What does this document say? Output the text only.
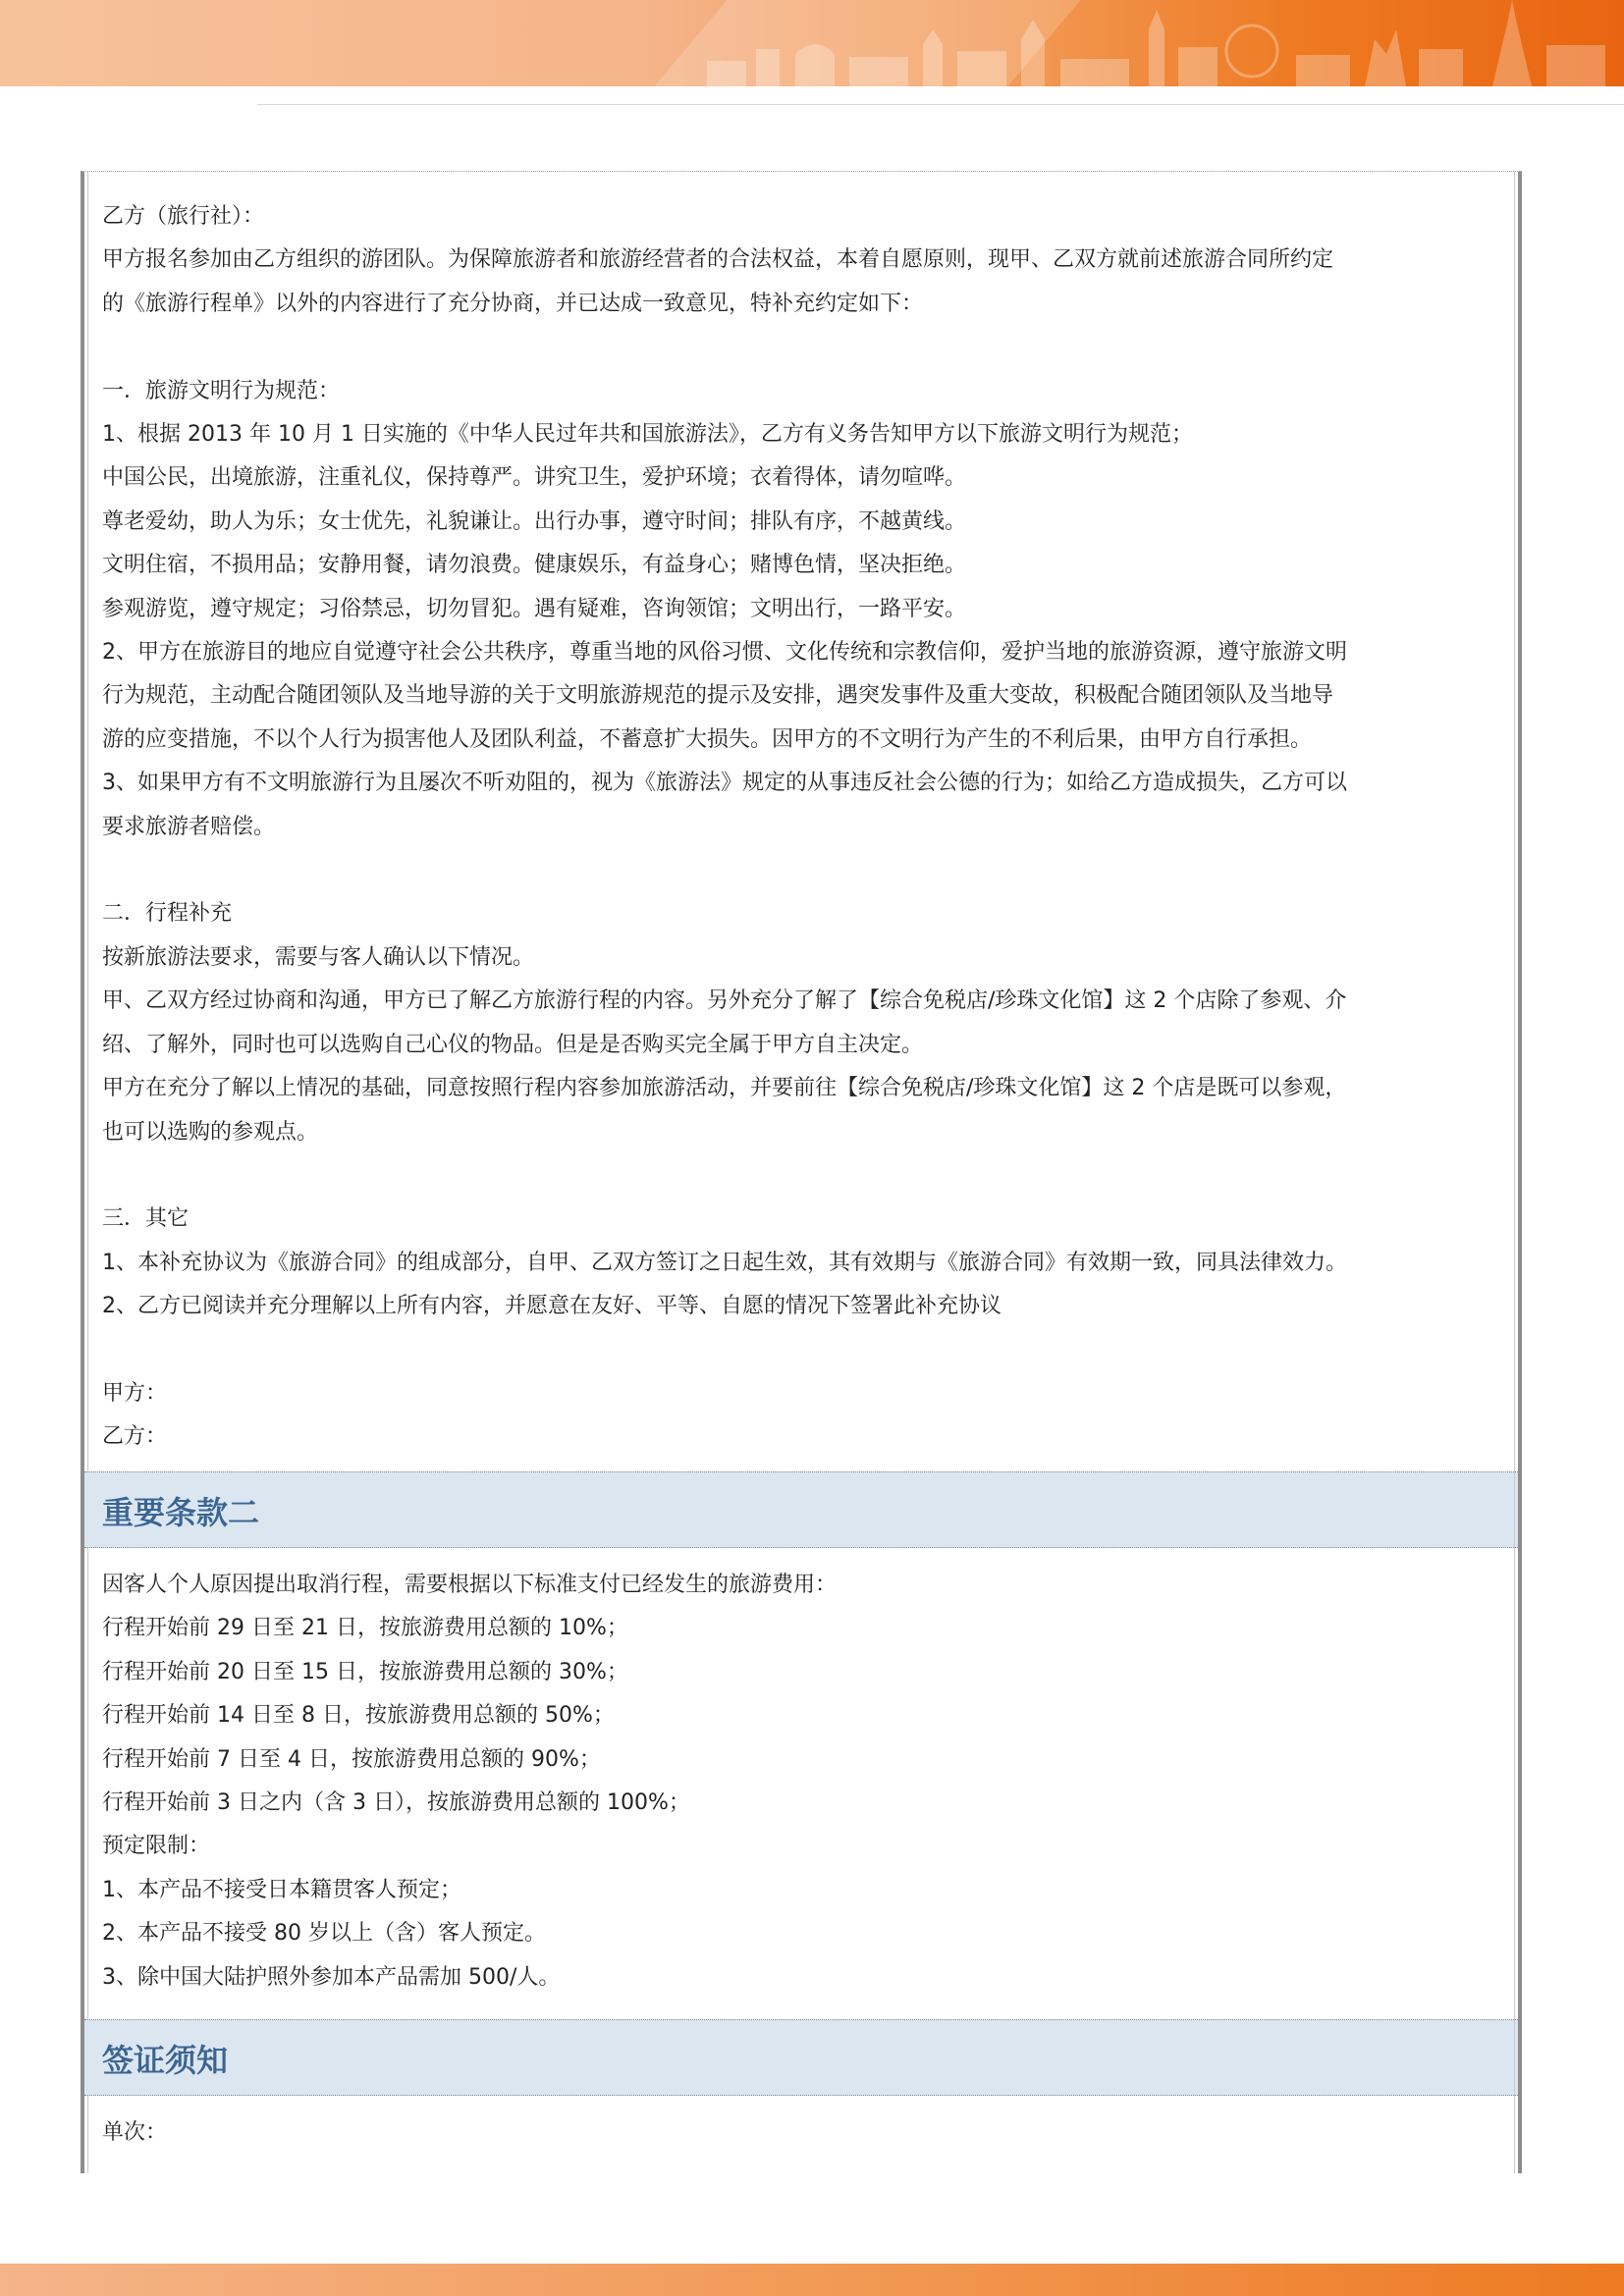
乙方（旅行社）：

甲方报名参加由乙方组织的游团队。为保障旅游者和旅游经营者的合法权益，本着自愿原则，现甲、乙双方就前述旅游合同所约定

的《旅游行程单》以外的内容进行了充分协商，并已达成一致意见，特补充约定如下：

一．旅游文明行为规范：

1、根据 2013 年 10 月 1 日实施的《中华人民过年共和国旅游法》，乙方有义务告知甲方以下旅游文明行为规范；

中国公民，出境旅游，注重礼仪，保持尊严。讲究卫生，爱护环境；衣着得体，请勿喧哗。

尊老爱幼，助人为乐；女士优先，礼貌谦让。出行办事，遵守时间；排队有序，不越黄线。

文明住宿，不损用品；安静用餐，请勿浪费。健康娱乐，有益身心；赌博色情，坚决拒绝。

参观游览，遵守规定；习俗禁忌，切勿冒犯。遇有疑难，咨询领馆；文明出行，一路平安。

2、甲方在旅游目的地应自觉遵守社会公共秩序，尊重当地的风俗习惯、文化传统和宗教信仰，爱护当地的旅游资源，遵守旅游文明

行为规范，主动配合随团领队及当地导游的关于文明旅游规范的提示及安排，遇突发事件及重大变故，积极配合随团领队及当地导

游的应变措施，不以个人行为损害他人及团队利益，不蓄意扩大损失。因甲方的不文明行为产生的不利后果，由甲方自行承担。

3、如果甲方有不文明旅游行为且屡次不听劝阻的，视为《旅游法》规定的从事违反社会公德的行为；如给乙方造成损失，乙方可以

要求旅游者赔偿。

二．行程补充

按新旅游法要求，需要与客人确认以下情况。

甲、乙双方经过协商和沟通，甲方已了解乙方旅游行程的内容。另外充分了解了【综合免税店/珍珠文化馆】这 2 个店除了参观、介

绍、了解外，同时也可以选购自己心仪的物品。但是是否购买完全属于甲方自主决定。

甲方在充分了解以上情况的基础，同意按照行程内容参加旅游活动，并要前往【综合免税店/珍珠文化馆】这 2 个店是既可以参观，

也可以选购的参观点。

三．其它

1、本补充协议为《旅游合同》的组成部分，自甲、乙双方签订之日起生效，其有效期与《旅游合同》有效期一致，同具法律效力。

2、乙方已阅读并充分理解以上所有内容，并愿意在友好、平等、自愿的情况下签署此补充协议

甲方：

乙方：

重要条款二

因客人个人原因提出取消行程，需要根据以下标准支付已经发生的旅游费用：

行程开始前 29 日至 21 日，按旅游费用总额的 10%；

行程开始前 20 日至 15 日，按旅游费用总额的 30%；

行程开始前 14 日至 8 日，按旅游费用总额的 50%；

行程开始前 7 日至 4 日，按旅游费用总额的 90%；

行程开始前 3 日之内（含 3 日），按旅游费用总额的 100%；

预定限制：

1、本产品不接受日本籍贯客人预定；

2、本产品不接受 80 岁以上（含）客人预定。

3、除中国大陆护照外参加本产品需加 500/人。

签证须知

单次：
